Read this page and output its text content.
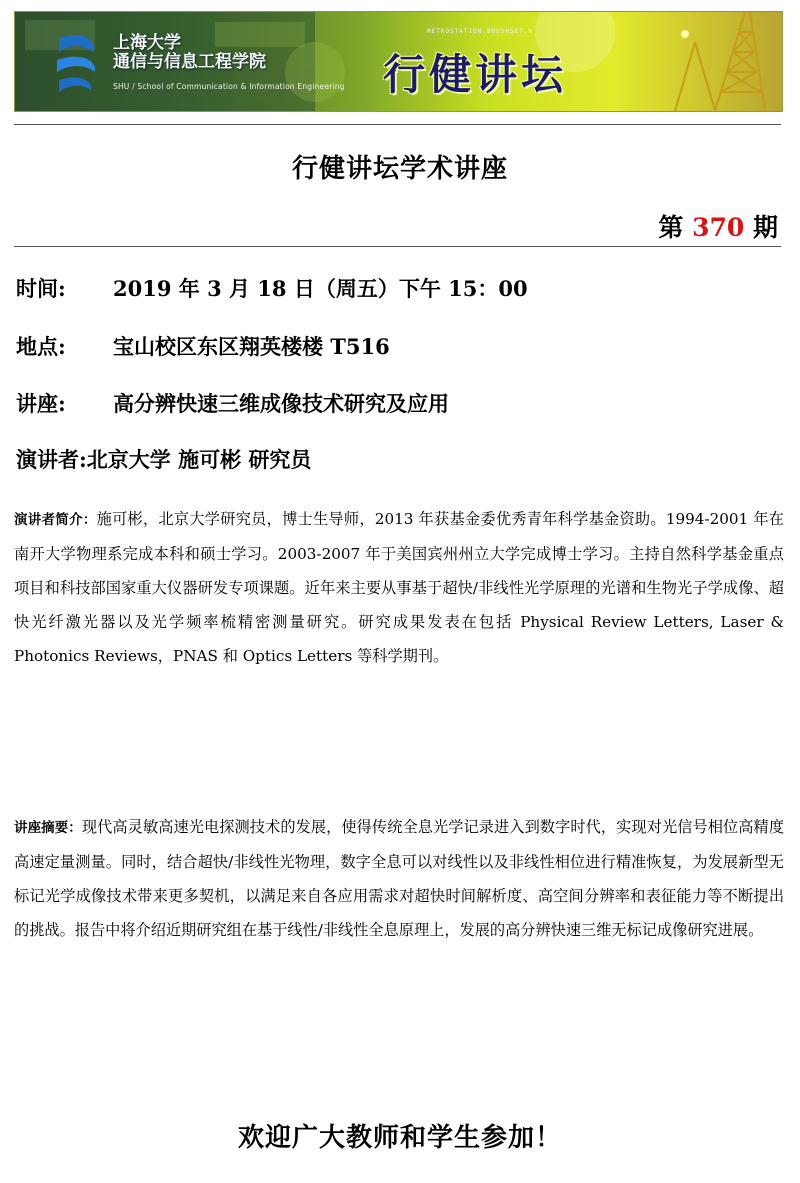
上海大学
通信与信息工程学院
SHU / School of Communication & Information Engineering
METROSTATION.BRUSHSET.N
行健讲坛
行健讲坛学术讲座
第 370 期
时间: 2019 年 3 月 18 日（周五）下午 15：00
地点: 宝山校区东区翔英楼楼 T516
讲座: 高分辨快速三维成像技术研究及应用
演讲者:北京大学 施可彬 研究员
演讲者简介：施可彬，北京大学研究员，博士生导师，2013 年获基金委优秀青年科学基金资助。1994-2001 年在南开大学物理系完成本科和硕士学习。2003-2007 年于美国宾州州立大学完成博士学习。主持自然科学基金重点项目和科技部国家重大仪器研发专项课题。近年来主要从事基于超快/非线性光学原理的光谱和生物光子学成像、超快光纤激光器以及光学频率梳精密测量研究。研究成果发表在包括 Physical Review Letters, Laser & Photonics Reviews，PNAS 和 Optics Letters 等科学期刊。
讲座摘要：现代高灵敏高速光电探测技术的发展，使得传统全息光学记录进入到数字时代，实现对光信号相位高精度高速定量测量。同时，结合超快/非线性光物理，数字全息可以对线性以及非线性相位进行精准恢复，为发展新型无标记光学成像技术带来更多契机，以满足来自各应用需求对超快时间解析度、高空间分辨率和表征能力等不断提出的挑战。报告中将介绍近期研究组在基于线性/非线性全息原理上，发展的高分辨快速三维无标记成像研究进展。
欢迎广大教师和学生参加！
